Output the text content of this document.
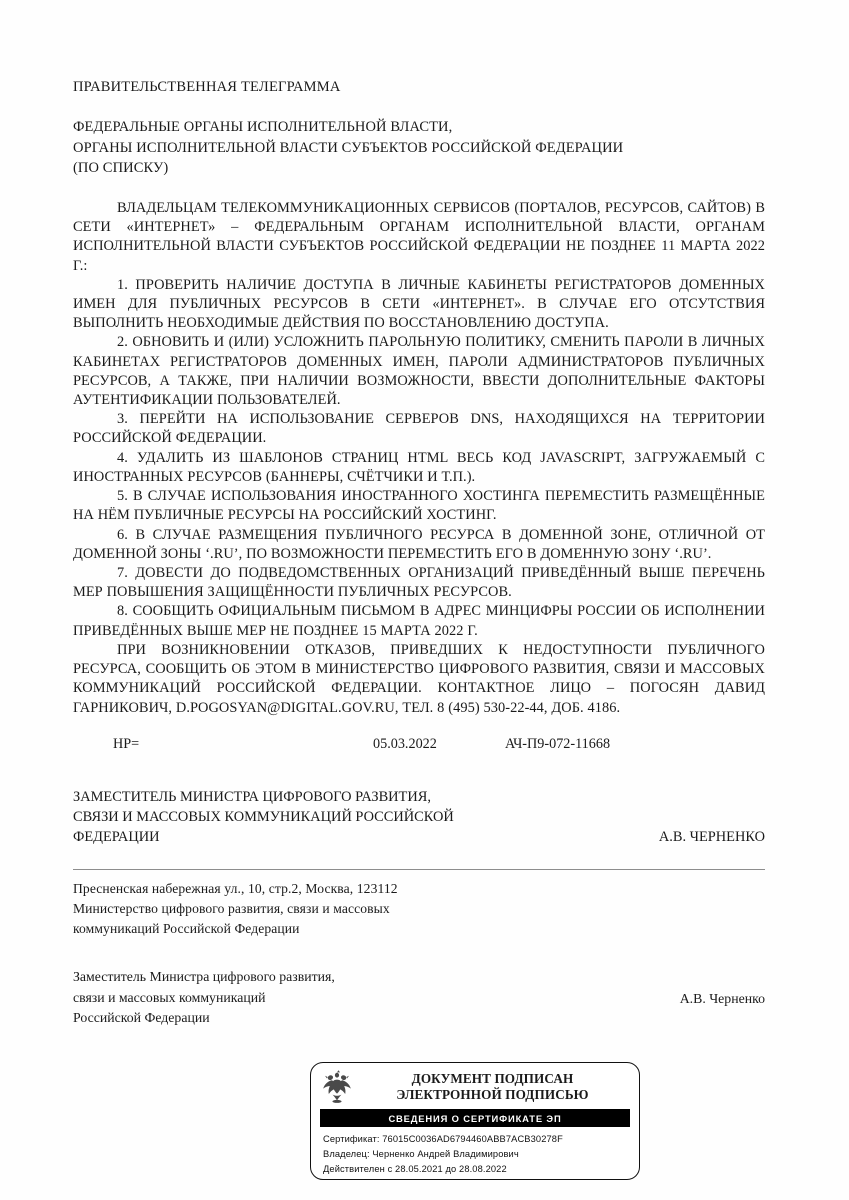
ПРАВИТЕЛЬСТВЕННАЯ ТЕЛЕГРАММА
ФЕДЕРАЛЬНЫЕ ОРГАНЫ ИСПОЛНИТЕЛЬНОЙ ВЛАСТИ,
ОРГАНЫ ИСПОЛНИТЕЛЬНОЙ ВЛАСТИ СУБЪЕКТОВ РОССИЙСКОЙ ФЕДЕРАЦИИ
(ПО СПИСКУ)

ВЛАДЕЛЬЦАМ ТЕЛЕКОММУНИКАЦИОННЫХ СЕРВИСОВ (ПОРТАЛОВ, РЕСУРСОВ, САЙТОВ) В СЕТИ «ИНТЕРНЕТ» – ФЕДЕРАЛЬНЫМ ОРГАНАМ ИСПОЛНИТЕЛЬНОЙ ВЛАСТИ, ОРГАНАМ ИСПОЛНИТЕЛЬНОЙ ВЛАСТИ СУБЪЕКТОВ РОССИЙСКОЙ ФЕДЕРАЦИИ НЕ ПОЗДНЕЕ 11 МАРТА 2022 Г.:

1. ПРОВЕРИТЬ НАЛИЧИЕ ДОСТУПА В ЛИЧНЫЕ КАБИНЕТЫ РЕГИСТРАТОРОВ ДОМЕННЫХ ИМЕН ДЛЯ ПУБЛИЧНЫХ РЕСУРСОВ В СЕТИ «ИНТЕРНЕТ». В СЛУЧАЕ ЕГО ОТСУТСТВИЯ ВЫПОЛНИТЬ НЕОБХОДИМЫЕ ДЕЙСТВИЯ ПО ВОССТАНОВЛЕНИЮ ДОСТУПА.

2. ОБНОВИТЬ И (ИЛИ) УСЛОЖНИТЬ ПАРОЛЬНУЮ ПОЛИТИКУ, СМЕНИТЬ ПАРОЛИ В ЛИЧНЫХ КАБИНЕТАХ РЕГИСТРАТОРОВ ДОМЕННЫХ ИМЕН, ПАРОЛИ АДМИНИСТРАТОРОВ ПУБЛИЧНЫХ РЕСУРСОВ, А ТАКЖЕ, ПРИ НАЛИЧИИ ВОЗМОЖНОСТИ, ВВЕСТИ ДОПОЛНИТЕЛЬНЫЕ ФАКТОРЫ АУТЕНТИФИКАЦИИ ПОЛЬЗОВАТЕЛЕЙ.

3. ПЕРЕЙТИ НА ИСПОЛЬЗОВАНИЕ СЕРВЕРОВ DNS, НАХОДЯЩИХСЯ НА ТЕРРИТОРИИ РОССИЙСКОЙ ФЕДЕРАЦИИ.

4. УДАЛИТЬ ИЗ ШАБЛОНОВ СТРАНИЦ HTML ВЕСЬ КОД JAVASCRIPT, ЗАГРУЖАЕМЫЙ С ИНОСТРАННЫХ РЕСУРСОВ (БАННЕРЫ, СЧЁТЧИКИ И Т.П.).

5. В СЛУЧАЕ ИСПОЛЬЗОВАНИЯ ИНОСТРАННОГО ХОСТИНГА ПЕРЕМЕСТИТЬ РАЗМЕЩЁННЫЕ НА НЁМ ПУБЛИЧНЫЕ РЕСУРСЫ НА РОССИЙСКИЙ ХОСТИНГ.

6. В СЛУЧАЕ РАЗМЕЩЕНИЯ ПУБЛИЧНОГО РЕСУРСА В ДОМЕННОЙ ЗОНЕ, ОТЛИЧНОЙ ОТ ДОМЕННОЙ ЗОНЫ ‘.RU’, ПО ВОЗМОЖНОСТИ ПЕРЕМЕСТИТЬ ЕГО В ДОМЕННУЮ ЗОНУ ‘.RU’.

7. ДОВЕСТИ ДО ПОДВЕДОМСТВЕННЫХ ОРГАНИЗАЦИЙ ПРИВЕДЁННЫЙ ВЫШЕ ПЕРЕЧЕНЬ МЕР ПОВЫШЕНИЯ ЗАЩИЩЁННОСТИ ПУБЛИЧНЫХ РЕСУРСОВ.

8. СООБЩИТЬ ОФИЦИАЛЬНЫМ ПИСЬМОМ В АДРЕС МИНЦИФРЫ РОССИИ ОБ ИСПОЛНЕНИИ ПРИВЕДЁННЫХ ВЫШЕ МЕР НЕ ПОЗДНЕЕ 15 МАРТА 2022 Г.

ПРИ ВОЗНИКНОВЕНИИ ОТКАЗОВ, ПРИВЕДШИХ К НЕДОСТУПНОСТИ ПУБЛИЧНОГО РЕСУРСА, СООБЩИТЬ ОБ ЭТОМ В МИНИСТЕРСТВО ЦИФРОВОГО РАЗВИТИЯ, СВЯЗИ И МАССОВЫХ КОММУНИКАЦИЙ РОССИЙСКОЙ ФЕДЕРАЦИИ. КОНТАКТНОЕ ЛИЦО – ПОГОСЯН ДАВИД ГАРНИКОВИЧ, D.POGOSYAN@DIGITAL.GOV.RU, ТЕЛ. 8 (495) 530-22-44, ДОБ. 4186.

НР=	05.03.2022	АЧ-П9-072-11668
ЗАМЕСТИТЕЛЬ МИНИСТРА ЦИФРОВОГО РАЗВИТИЯ,
СВЯЗИ И МАССОВЫХ КОММУНИКАЦИЙ РОССИЙСКОЙ
ФЕДЕРАЦИИ	А.В. ЧЕРНЕНКО
Пресненская набережная ул., 10, стр.2, Москва, 123112
Министерство цифрового развития, связи и массовых
коммуникаций Российской Федерации
Заместитель Министра цифрового развития,
связи и массовых коммуникаций
Российской Федерации
А.В. Черненко
ДОКУМЕНТ ПОДПИСАН
ЭЛЕКТРОННОЙ ПОДПИСЬЮ
СВЕДЕНИЯ О СЕРТИФИКАТЕ ЭП
Сертификат: 76015C0036AD6794460ABB7ACB30278F
Владелец: Черненко Андрей Владимирович
Действителен с 28.05.2021 до 28.08.2022
